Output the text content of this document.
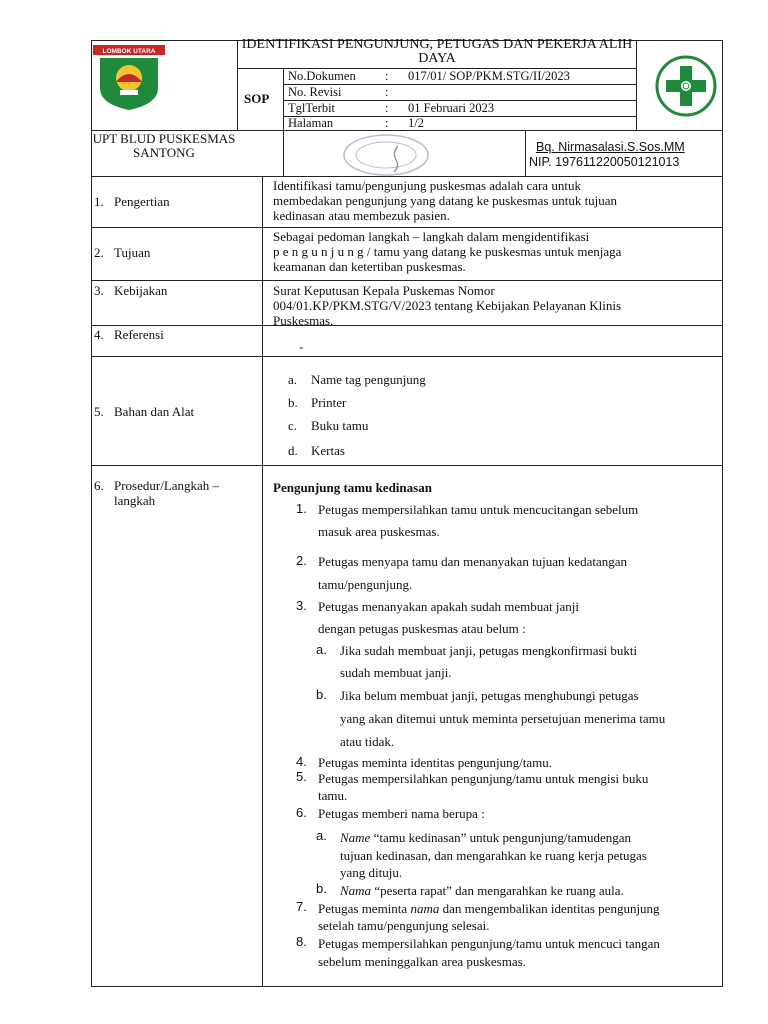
LOMBOK UTARA	IDENTIFIKASI PENGUNJUNG, PETUGAS DAN PEKERJA ALIH DAYA
SOP
No.Dokumen : 017/01/ SOP/PKM.STG/II/2023
No. Revisi	:
TglTerbit	: 01 Februari 2023
Halaman	: 1/2
UPT BLUD PUSKESMAS
SANTONG	Bq. Nirmasalasi.S.Sos.MM
NIP. 197611220050121013
1. Pengertian
Identifikasi tamu/pengunjung puskesmas adalah cara untuk
membedakan pengunjung yang datang ke puskesmas untuk tujuan
kedinasan atau membezuk pasien.
2. Tujuan
Sebagai pedoman langkah – langkah dalam mengidentifikasi
p e n g u n j u n g / tamu yang datang ke puskesmas untuk menjaga
keamanan dan ketertiban puskesmas.
3. Kebijakan	Surat Keputusan Kepala Puskemas Nomor
004/01.KP/PKM.STG/V/2023 tentang Kebijakan Pelayanan Klinis
Puskesmas.
4. Referensi
-
5. Bahan dan Alat
a. Name tag pengunjung
b. Printer
c. Buku tamu
d. Kertas
6. Prosedur/Langkah –
langkah
Pengunjung tamu kedinasan
1. Petugas mempersilahkan tamu untuk mencucitangan sebelum
masuk area puskesmas.
2. Petugas menyapa tamu dan menanyakan tujuan kedatangan
tamu/pengunjung.
3. Petugas menanyakan apakah sudah membuat janji
dengan petugas puskesmas atau belum :
a. Jika sudah membuat janji, petugas mengkonfirmasi bukti
sudah membuat janji.
b. Jika belum membuat janji, petugas menghubungi petugas
yang akan ditemui untuk meminta persetujuan menerima tamu
atau tidak.
4. Petugas meminta identitas pengunjung/tamu.
5. Petugas mempersilahkan pengunjung/tamu untuk mengisi buku
tamu.
6. Petugas memberi nama berupa :
a. Name “tamu kedinasan” untuk pengunjung/tamudengan
tujuan kedinasan, dan mengarahkan ke ruang kerja petugas
yang dituju.
b. Nama “peserta rapat” dan mengarahkan ke ruang aula.
7. Petugas meminta nama dan mengembalikan identitas pengunjung
setelah tamu/pengunjung selesai.
8. Petugas mempersilahkan pengunjung/tamu untuk mencuci tangan
sebelum meninggalkan area puskesmas.
